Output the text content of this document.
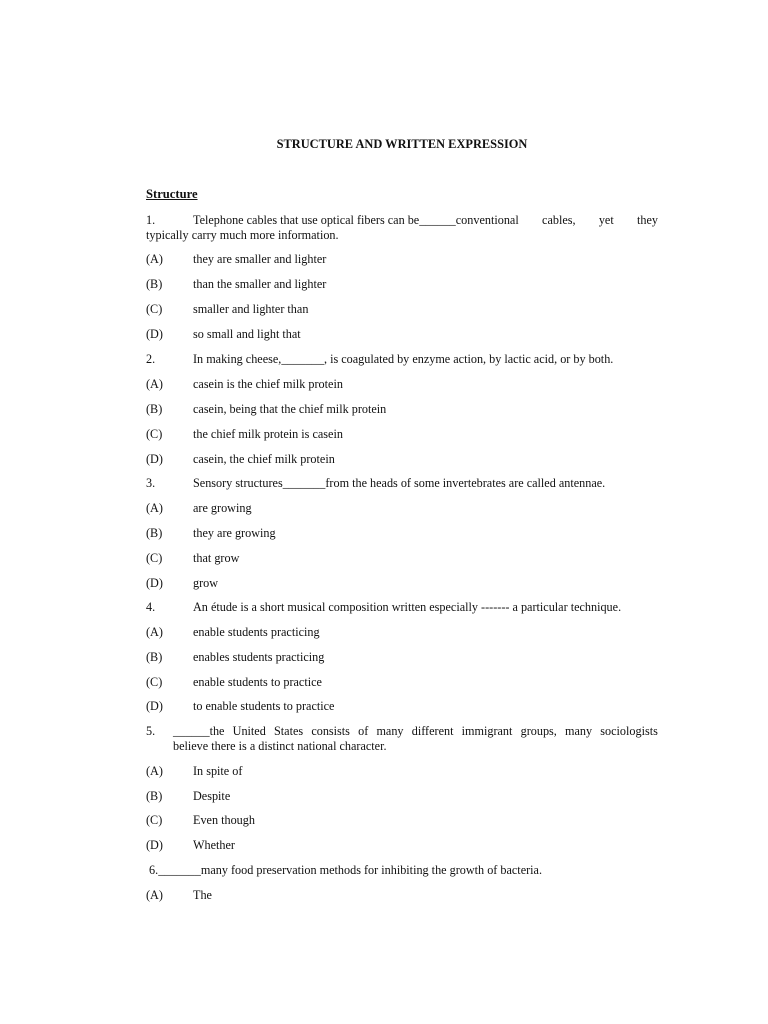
STRUCTURE AND WRITTEN EXPRESSION
Structure
1.	Telephone cables that use optical fibers can be______conventional cables, yet they
typically carry much more information.
(A) they are smaller and lighter
(B)	than the smaller and lighter
(C)	smaller and lighter than
(D) so small and light that
2.	In making cheese,_______, is coagulated by enzyme action, by lactic acid, or by both.
(A) casein is the chief milk protein
(B)	casein, being that the chief milk protein
(C)	the chief milk protein is casein
(D) casein, the chief milk protein
3.	Sensory structures_______from the heads of some invertebrates are called antennae.
(A) are growing
(B)	they are growing
(C)	that grow
(D) grow
4.	An étude is a short musical composition written especially ------- a particular technique.
(A) enable students practicing
(B)	enables students practicing
(C)	enable students to practice
(D) to enable students to practice
5.	______the United States consists of many different immigrant groups, many sociologists
believe there is a distinct national character.
(A) In spite of
(B)	Despite
(C)	Even though
(D) Whether
6._______many food preservation methods for inhibiting the growth of bacteria.
(A) The
